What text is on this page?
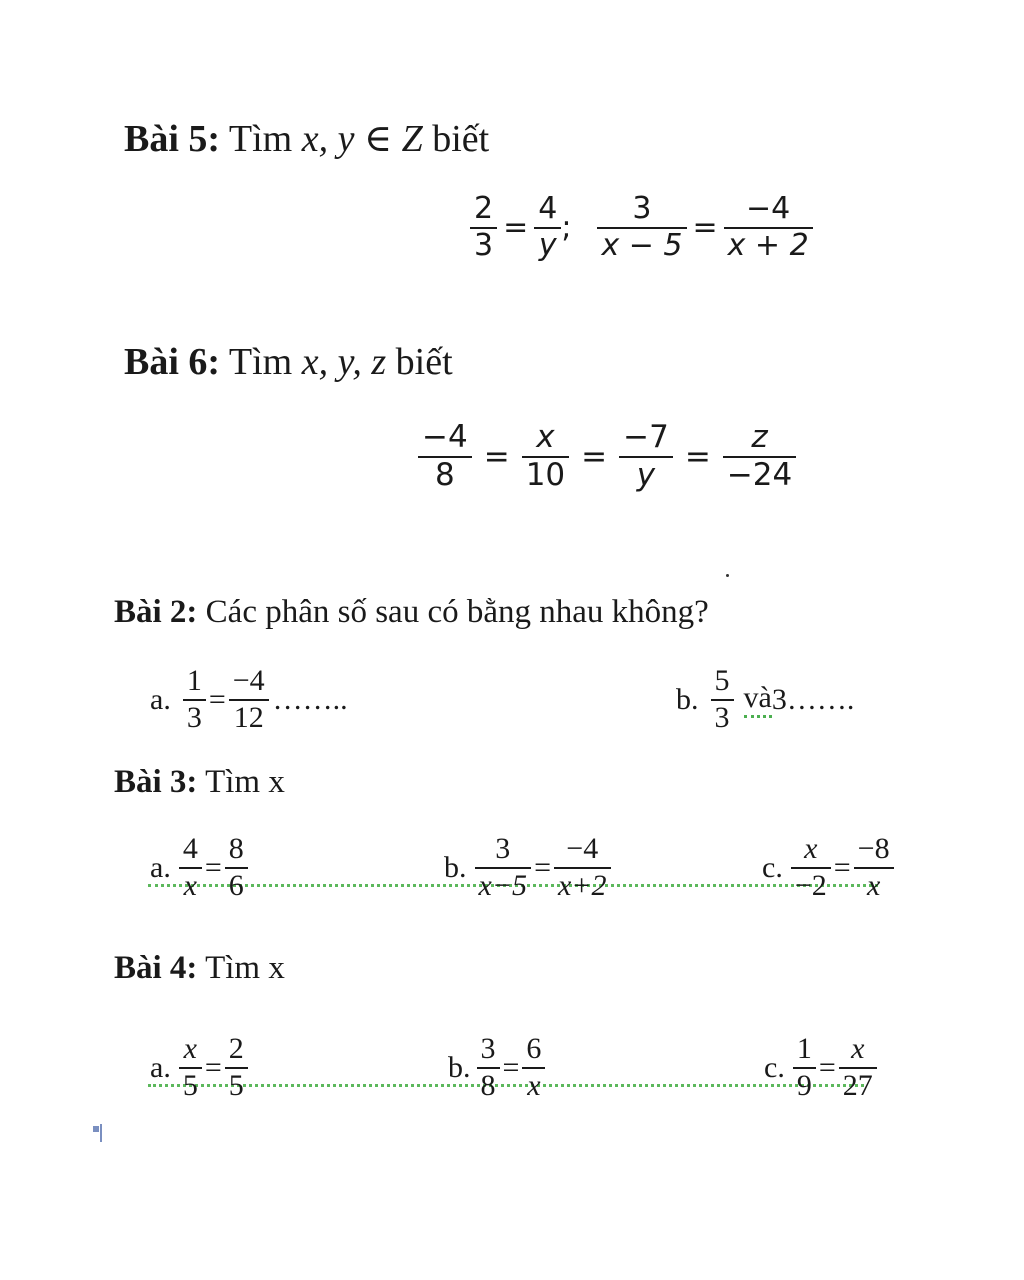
Bài 5: Tìm x, y ∈ Z biết
$\frac{2}{3} = \frac{4}{y}$ ; $\frac{3}{x - 5} = \frac{-4}{x + 2}$
Bài 6: Tìm x, y, z biết
$\frac{-4}{8} = \frac{x}{10} = \frac{-7}{y} = \frac{z}{-24}$
Bài 2: Các phân số sau có bằng nhau không?
a. $\frac{1}{3} = \frac{-4}{12}$ ……..	b. $\frac{5}{3}$ và 3…….
Bài 3: Tìm x
a. $\frac{4}{x} = \frac{8}{6}$	b. $\frac{3}{x-5} = \frac{-4}{x+2}$	c. $\frac{x}{-2} = \frac{-8}{x}$
Bài 4: Tìm x
a. $\frac{x}{5} = \frac{2}{5}$	b. $\frac{3}{8} = \frac{6}{x}$	c. $\frac{1}{9} = \frac{x}{27}$
